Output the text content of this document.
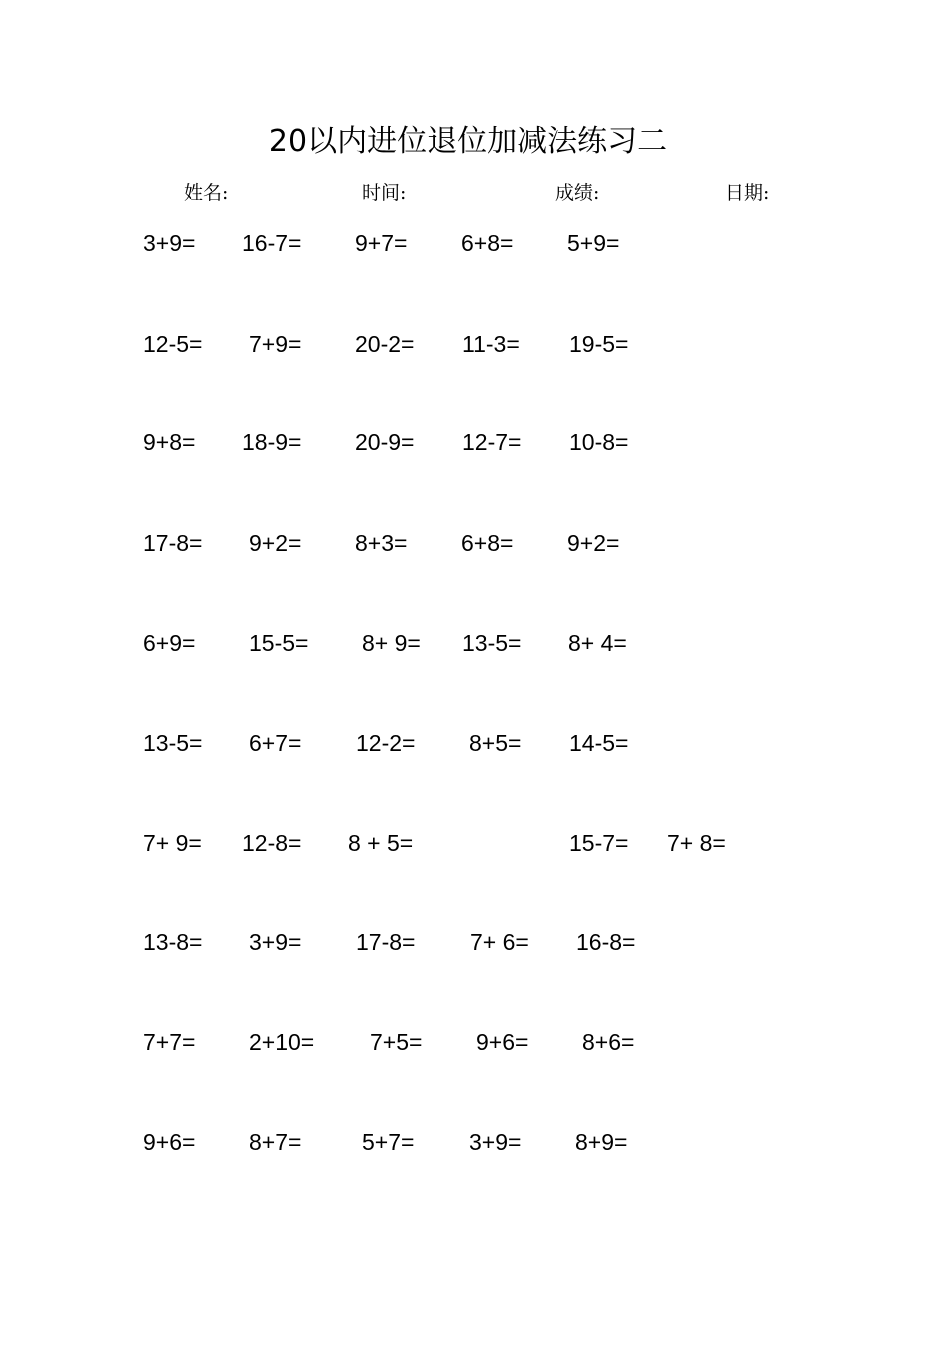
20以内进位退位加减法练习二
姓名:	时间:	成绩:	日期:
3+9= 16-7= 9+7= 6+8= 5+9=
12-5= 7+9= 20-2= 11-3= 19-5=
9+8= 18-9= 20-9= 12-7= 10-8=
17-8= 9+2= 8+3= 6+8= 9+2=
6+9= 15-5= 8+ 9= 13-5= 8+ 4=
13-5= 6+7= 12-2= 8+5= 14-5=
7+ 9= 12-8= 8 + 5=	15-7= 7+ 8=
13-8= 3+9= 17-8= 7+ 6= 16-8=
7+7= 2+10= 7+5= 9+6= 8+6=
9+6= 8+7=	5+7= 3+9= 8+9=
